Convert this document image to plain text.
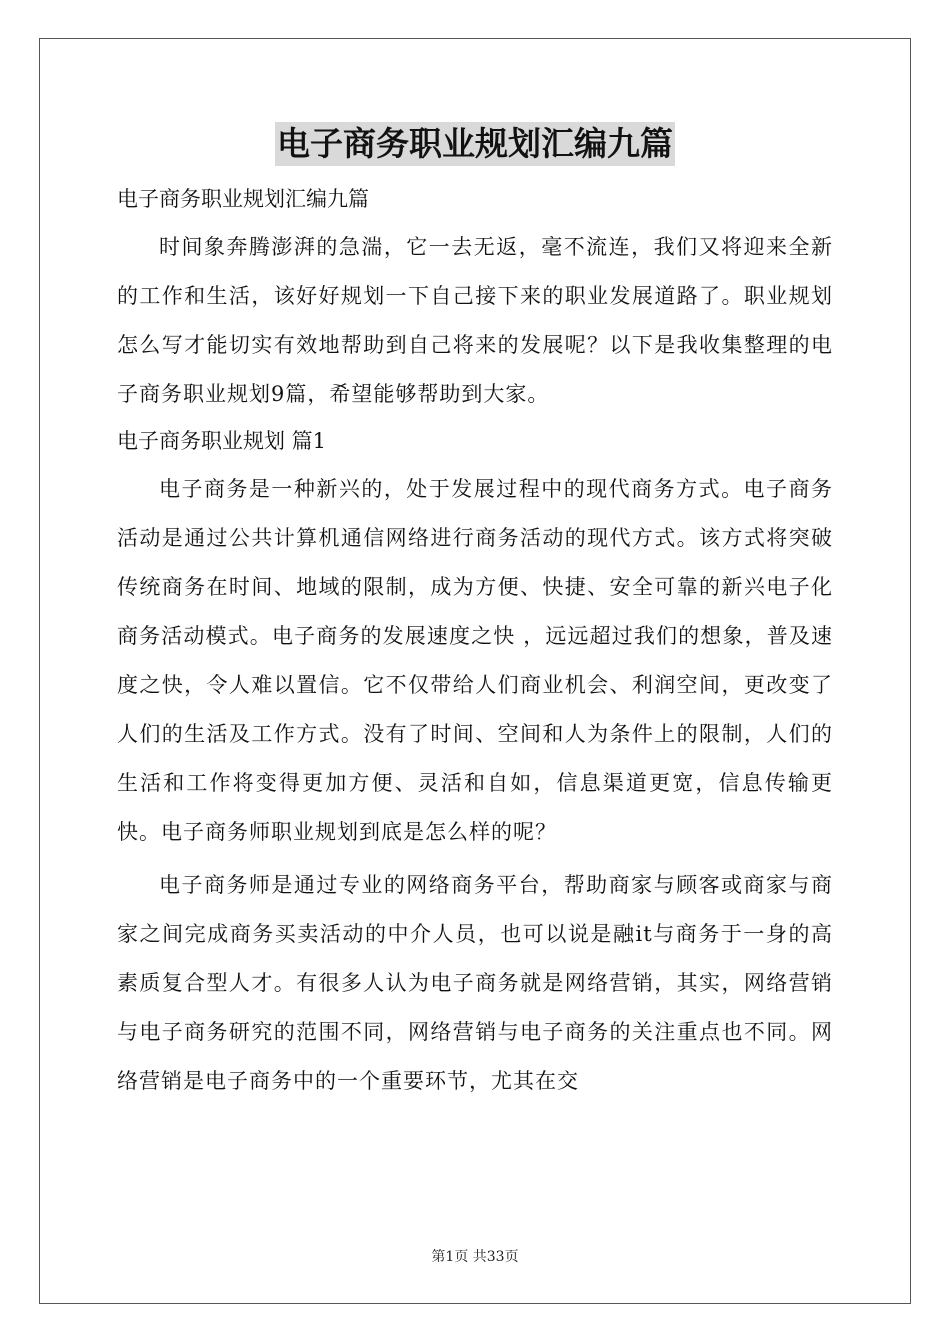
电子商务职业规划汇编九篇
电子商务职业规划汇编九篇

时间象奔腾澎湃的急湍，它一去无返，毫不流连，我们又将迎来全新的工作和生活，该好好规划一下自己接下来的职业发展道路了。职业规划怎么写才能切实有效地帮助到自己将来的发展呢？以下是我收集整理的电子商务职业规划9篇，希望能够帮助到大家。

电子商务职业规划 篇1

电子商务是一种新兴的，处于发展过程中的现代商务方式。电子商务活动是通过公共计算机通信网络进行商务活动的现代方式。该方式将突破传统商务在时间、地域的限制，成为方便、快捷、安全可靠的新兴电子化商务活动模式。电子商务的发展速度之快 ，远远超过我们的想象，普及速度之快，令人难以置信。它不仅带给人们商业机会、利润空间，更改变了人们的生活及工作方式。没有了时间、空间和人为条件上的限制，人们的生活和工作将变得更加方便、灵活和自如，信息渠道更宽，信息传输更快。电子商务师职业规划到底是怎么样的呢？

电子商务师是通过专业的网络商务平台，帮助商家与顾客或商家与商家之间完成商务买卖活动的中介人员，也可以说是融it与商务于一身的高素质复合型人才。有很多人认为电子商务就是网络营销，其实，网络营销与电子商务研究的范围不同，网络营销与电子商务的关注重点也不同。网络营销是电子商务中的一个重要环节，尤其在交

第1页 共33页
